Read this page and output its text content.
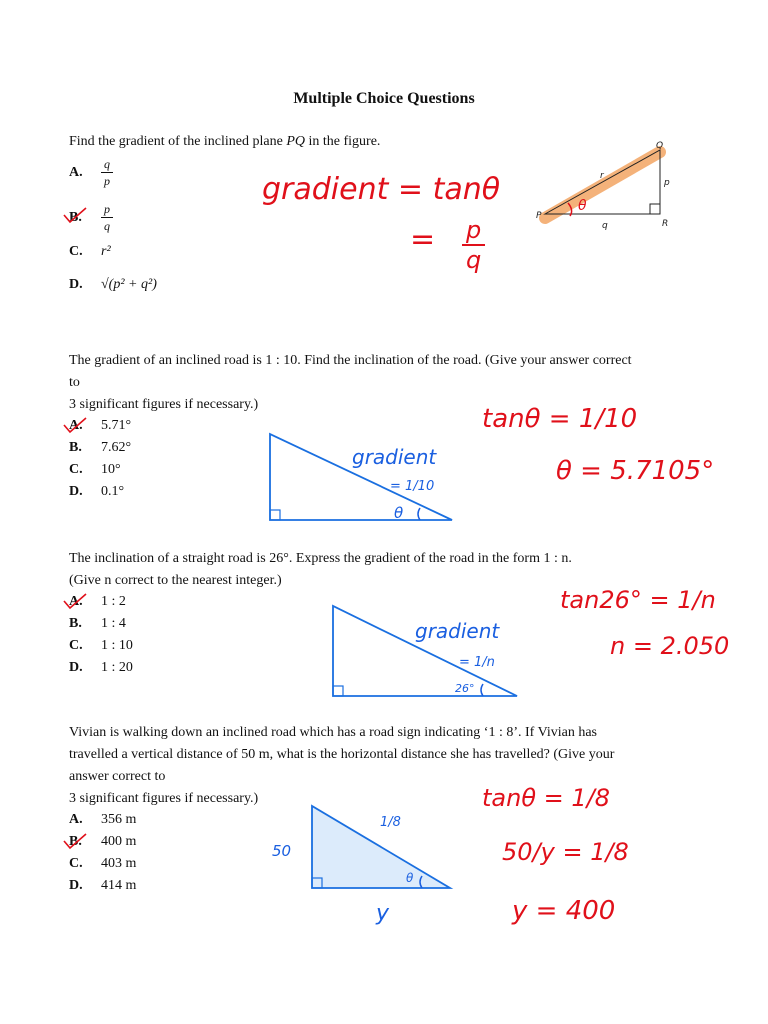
Multiple Choice Questions
Find the gradient of the inclined plane PQ in the figure.
A.	$\frac{q}{p}$
B.	$\frac{p}{q}$
C. r²
D. √(p² + q²)
gradient = tanθ
= p
q
θ
P
Q
R
p
q
r
The gradient of an inclined road is 1 : 10. Find the inclination of the road. (Give your answer correct
to
3 significant figures if necessary.)
A. 5.71°
B. 7.62°
C. 10°
D. 0.1°
θ
gradient
= 1/10
tanθ = 1/10
θ = 5.7105°
The inclination of a straight road is 26°. Express the gradient of the road in the form 1 : n.
(Give n correct to the nearest integer.)
A. 1 : 2
B. 1 : 4
C. 1 : 10
D. 1 : 20
26°
gradient
= 1/n
tan26° = 1/n
n = 2.050
Vivian is walking down an inclined road which has a road sign indicating ‘1 : 8’. If Vivian has
travelled a vertical distance of 50 m, what is the horizontal distance she has travelled? (Give your
answer correct to
3 significant figures if necessary.)
A. 356 m
B. 400 m
C. 403 m
D. 414 m	θ
50
1/8
y
tanθ = 1/8
50/y = 1/8
y = 400
